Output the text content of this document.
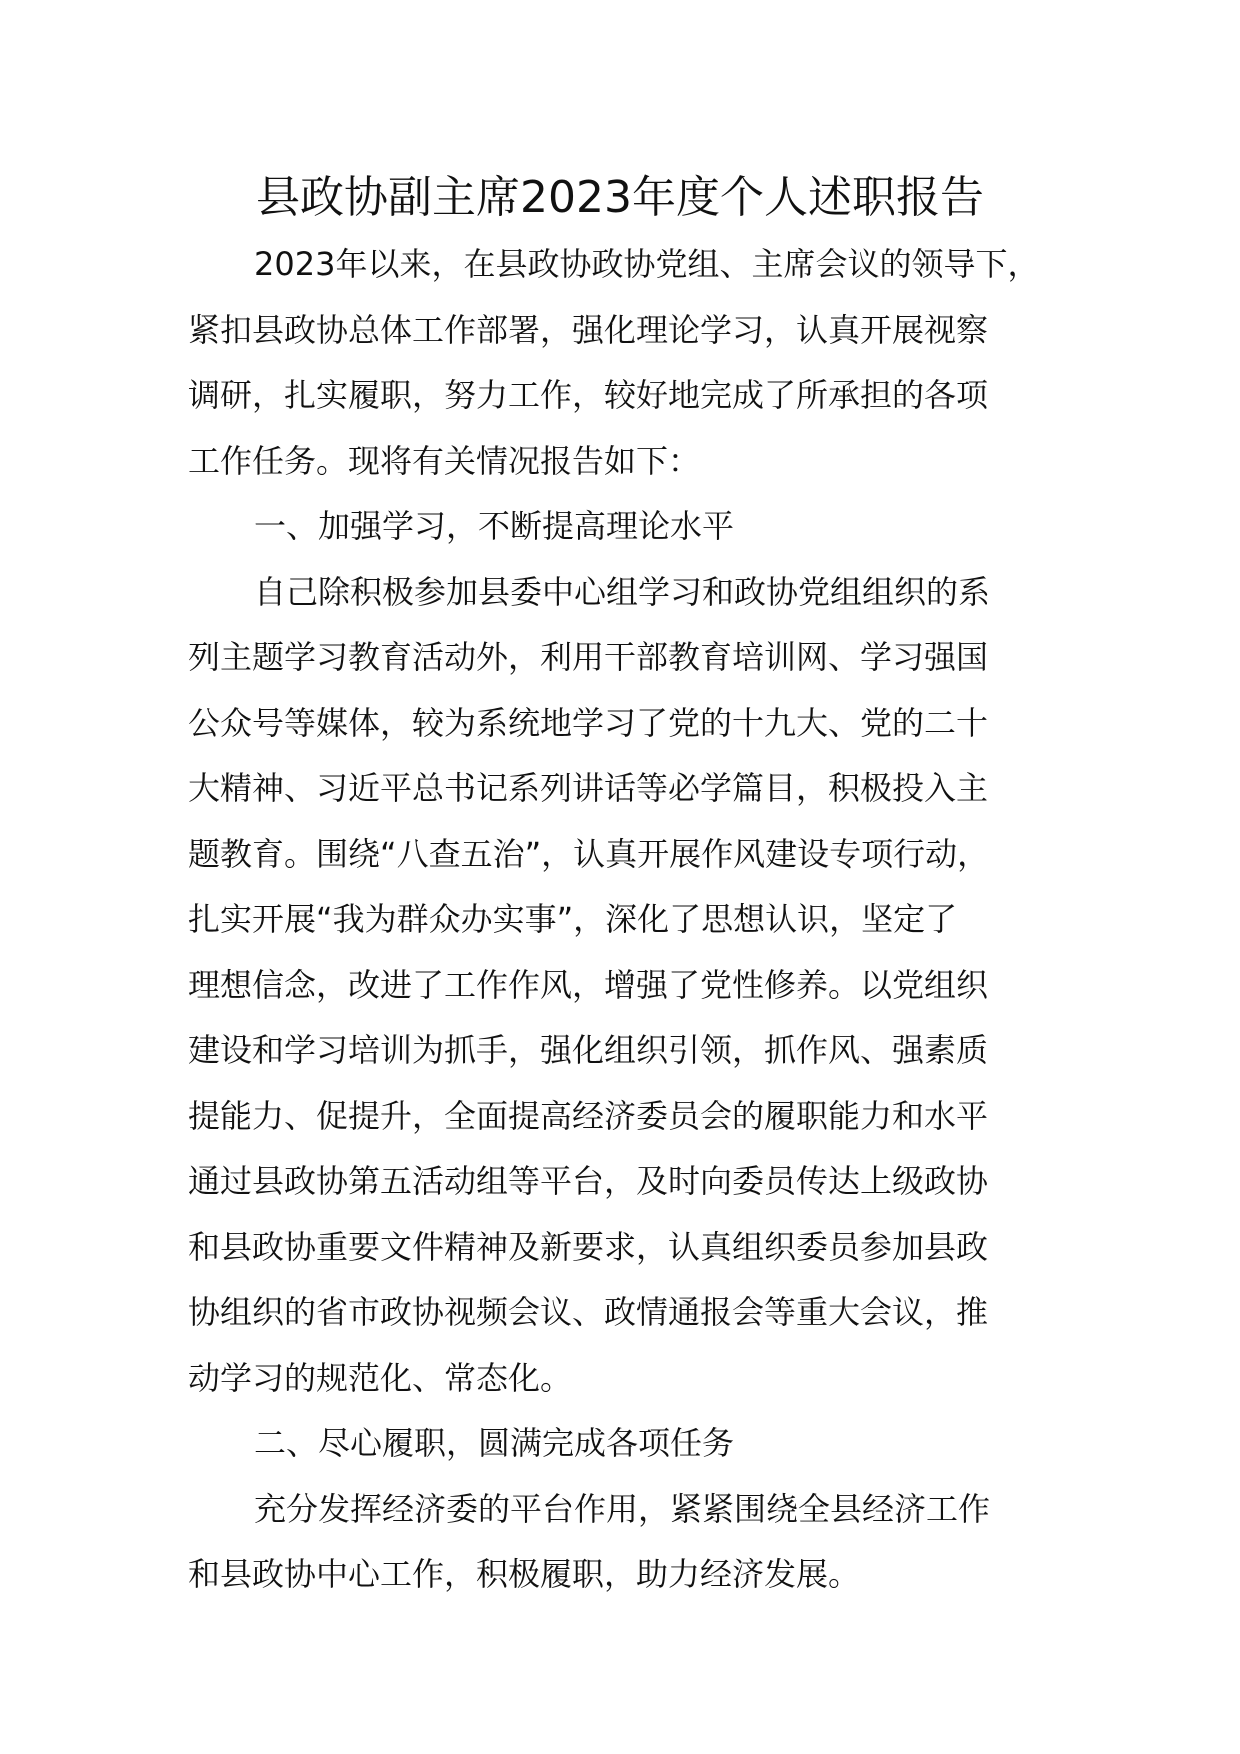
县政协副主席2023年度个人述职报告
2023年以来，在县政协政协党组、主席会议的领导下，
紧扣县政协总体工作部署，强化理论学习，认真开展视察
调研，扎实履职，努力工作，较好地完成了所承担的各项
工作任务。现将有关情况报告如下：
一、加强学习，不断提高理论水平
自己除积极参加县委中心组学习和政协党组组织的系
列主题学习教育活动外，利用干部教育培训网、学习强国
公众号等媒体，较为系统地学习了党的十九大、党的二十
大精神、习近平总书记系列讲话等必学篇目，积极投入主
题教育。围绕“八查五治”，认真开展作风建设专项行动，
扎实开展“我为群众办实事”，深化了思想认识，坚定了
理想信念，改进了工作作风，增强了党性修养。以党组织
建设和学习培训为抓手，强化组织引领，抓作风、强素质
提能力、促提升，全面提高经济委员会的履职能力和水平
通过县政协第五活动组等平台，及时向委员传达上级政协
和县政协重要文件精神及新要求，认真组织委员参加县政
协组织的省市政协视频会议、政情通报会等重大会议，推
动学习的规范化、常态化。
二、尽心履职，圆满完成各项任务
充分发挥经济委的平台作用，紧紧围绕全县经济工作
和县政协中心工作，积极履职，助力经济发展。
